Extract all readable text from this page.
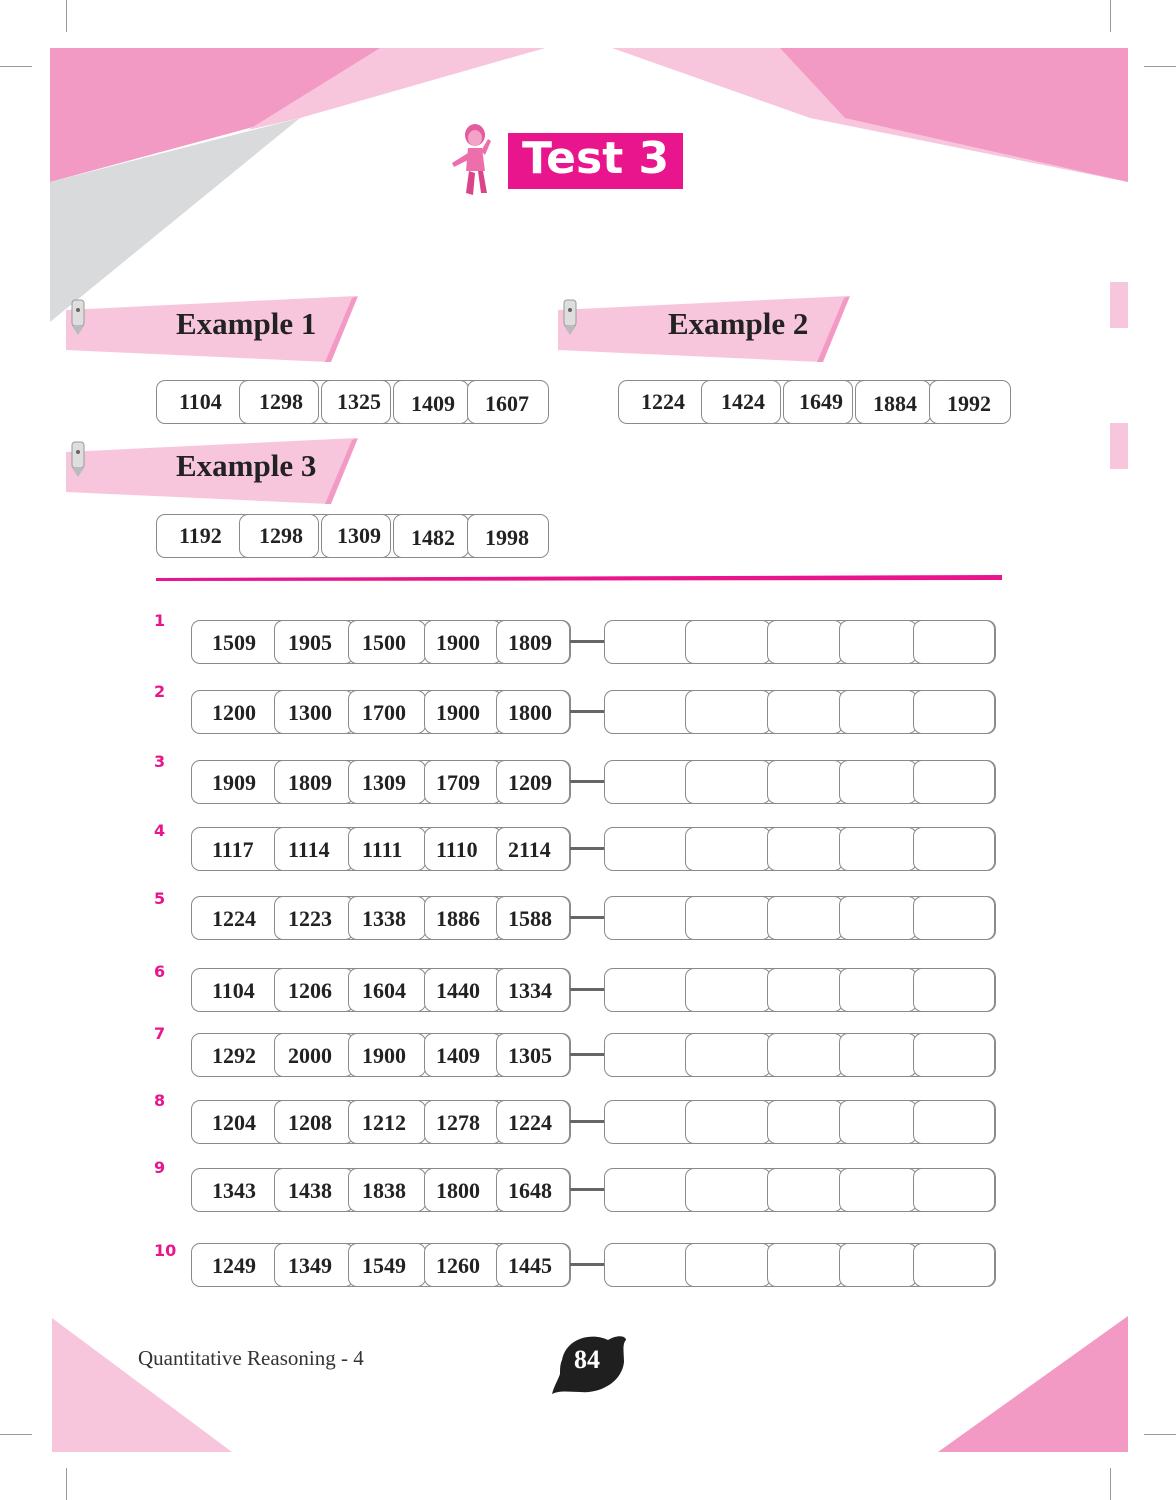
Test 3
Example 1	Example 2
Example 3
1104 1298 1325 1409 1607	1224 1424 1649 1884 1992
1192 1298 1309 1482 1998
1
1509 1905 1500 1900 1809
2
1200 1300 1700 1900 1800
3
1909 1809 1309 1709 1209
4
1117 1114 1111 1110 2114
5
1224 1223 1338 1886 1588
6
1104 1206 1604 1440 1334
7
1292 2000 1900 1409 1305
8
1204 1208 1212 1278 1224
9
1343 1438 1838 1800 1648
10
1249 1349 1549 1260 1445
Quantitative Reasoning - 4	84
